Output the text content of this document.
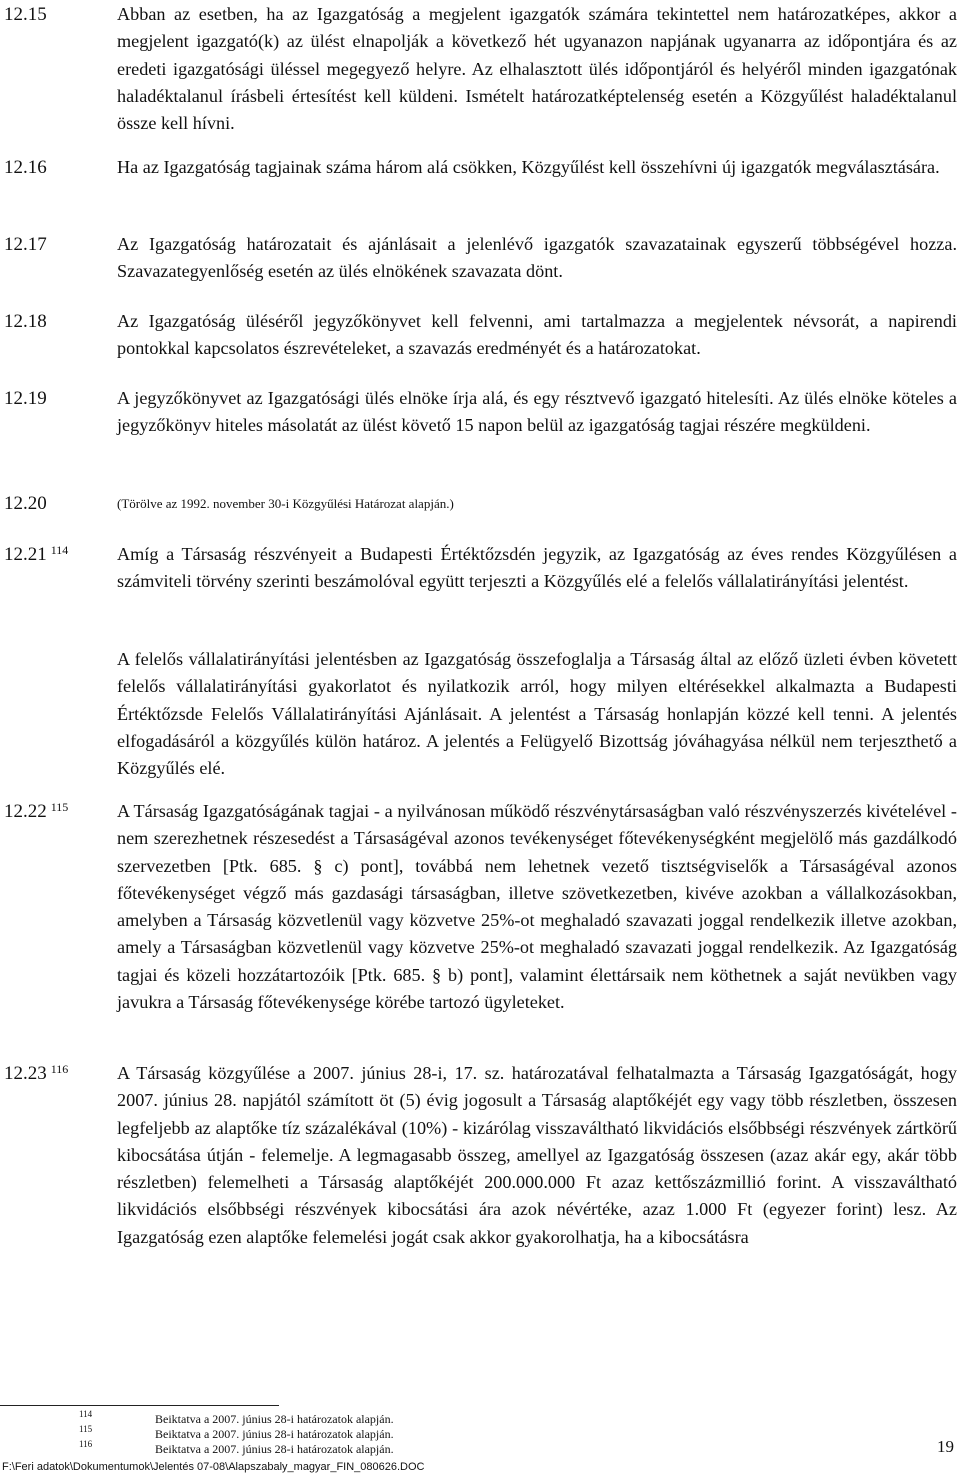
12.15	Abban az esetben, ha az Igazgatóság a megjelent igazgatók számára tekintettel nem határozatképes, akkor a megjelent igazgató(k) az ülést elnapolják a következő hét ugyanazon napjának ugyanarra az időpontjára és az eredeti igazgatósági üléssel megegyező helyre. Az elhalasztott ülés időpontjáról és helyéről minden igazgatónak haladéktalanul írásbeli értesítést kell küldeni. Ismételt határozatképtelenség esetén a Közgyűlést haladéktalanul össze kell hívni.

12.16	Ha az Igazgatóság tagjainak száma három alá csökken, Közgyűlést kell összehívni új igazgatók megválasztására.

12.17	Az Igazgatóság határozatait és ajánlásait a jelenlévő igazgatók szavazatainak egyszerű többségével hozza. Szavazategyenlőség esetén az ülés elnökének szavazata dönt.

12.18	Az Igazgatóság üléséről jegyzőkönyvet kell felvenni, ami tartalmazza a megjelentek névsorát, a napirendi pontokkal kapcsolatos észrevételeket, a szavazás eredményét és a határozatokat.

12.19	A jegyzőkönyvet az Igazgatósági ülés elnöke írja alá, és egy résztvevő igazgató hitelesíti. Az ülés elnöke köteles a jegyzőkönyv hiteles másolatát az ülést követő 15 napon belül az igazgatóság tagjai részére megküldeni.

12.20	(Törölve az 1992. november 30-i Közgyűlési Határozat alapján.)

12.21 $^{114}$	Amíg a Társaság részvényeit a Budapesti Értéktőzsdén jegyzik, az Igazgatóság az éves rendes Közgyűlésen a számviteli törvény szerinti beszámolóval együtt terjeszti a Közgyűlés elé a felelős vállalatirányítási jelentést.

A felelős vállalatirányítási jelentésben az Igazgatóság összefoglalja a Társaság által az előző üzleti évben követett felelős vállalatirányítási gyakorlatot és nyilatkozik arról, hogy milyen eltérésekkel alkalmazta a Budapesti Értéktőzsde Felelős Vállalatirányítási Ajánlásait. A jelentést a Társaság honlapján közzé kell tenni. A jelentés elfogadásáról a közgyűlés külön határoz. A jelentés a Felügyelő Bizottság jóváhagyása nélkül nem terjeszthető a Közgyűlés elé.

12.22 $^{115}$	A Társaság Igazgatóságának tagjai - a nyilvánosan működő részvénytársaságban való részvényszerzés kivételével - nem szerezhetnek részesedést a Társaságéval azonos tevékenységet főtevékenységként megjelölő más gazdálkodó szervezetben [Ptk. 685. § c) pont], továbbá nem lehetnek vezető tisztségviselők a Társaságéval azonos főtevékenységet végző más gazdasági társaságban, illetve szövetkezetben, kivéve azokban a vállalkozásokban, amelyben a Társaság közvetlenül vagy közvetve 25%-ot meghaladó szavazati joggal rendelkezik illetve azokban, amely a Társaságban közvetlenül vagy közvetve 25%-ot meghaladó szavazati joggal rendelkezik. Az Igazgatóság tagjai és közeli hozzátartozóik [Ptk. 685. § b) pont], valamint élettársaik nem köthetnek a saját nevükben vagy javukra a Társaság főtevékenysége körébe tartozó ügyleteket.

12.23 $^{116}$	A Társaság közgyűlése a 2007. június 28-i, 17. sz. határozatával felhatalmazta a Társaság Igazgatóságát, hogy 2007. június 28. napjától számított öt (5) évig jogosult a Társaság alaptőkéjét egy vagy több részletben, összesen legfeljebb az alaptőke tíz százalékával (10%) - kizárólag visszaváltható likvidációs elsőbbségi részvények zártkörű kibocsátása útján - felemelje. A legmagasabb összeg, amellyel az Igazgatóság összesen (azaz akár egy, akár több részletben) felemelheti a Társaság alaptőkéjét 200.000.000 Ft azaz kettőszázmillió forint. A visszaváltható likvidációs elsőbbségi részvények kibocsátási ára azok névértéke, azaz 1.000 Ft (egyezer forint) lesz. Az Igazgatóság ezen alaptőke felemelési jogát csak akkor gyakorolhatja, ha a kibocsátásra

114	Beiktatva a 2007. június 28-i határozatok alapján.
115	Beiktatva a 2007. június 28-i határozatok alapján.
116	Beiktatva a 2007. június 28-i határozatok alapján.
F:\Feri adatok\Dokumentumok\Jelentés 07-08\Alapszabaly_magyar_FIN_080626.DOC
19
